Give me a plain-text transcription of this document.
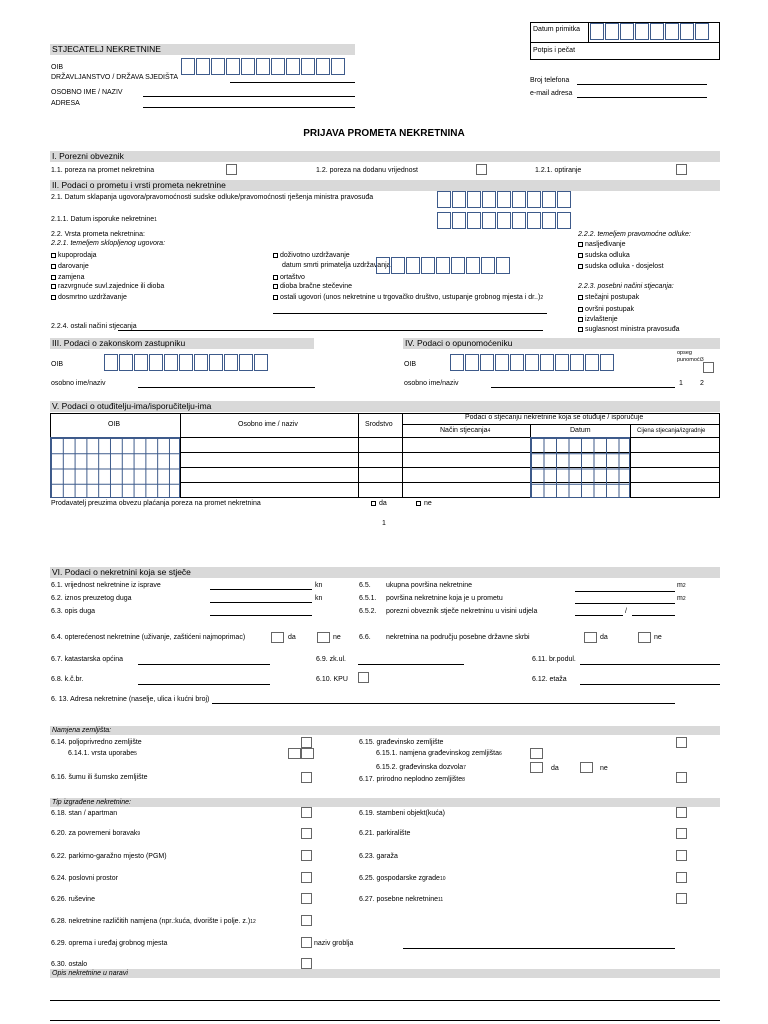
Datum primitka
Potpis i pečat
STJECATELJ NEKRETNINE
OIB
DRŽAVLJANSTVO / DRŽAVA SJEDIŠTA
OSOBNO IME / NAZIV
ADRESA
Broj telefona
e-mail adresa
PRIJAVA PROMETA NEKRETNINA
I. Porezni obveznik
1.1. poreza na promet nekretnina	1.2. poreza na dodanu vrijednost	1.2.1. optiranje
II. Podaci o prometu i vrsti prometa nekretnine
2.1. Datum sklapanja ugovora/pravomoćnosti sudske odluke/pravomoćnosti rješenja ministra pravosuđa
2.1.1. Datum isporuke nekretnine$^1$
2.2. Vrsta prometa nekretnina:
2.2.1. temeljem sklopljenog ugovora:
kupoprodaja
darovanje
zamjena
razvrgnuće suvl.zajednice ili dioba
dosmrtno uzdržavanje
doživotno uzdržavanje
datum smrti primatelja uzdržavanja
ortaštvo
dioba bračne stečevine
ostali ugovori (unos nekretnine u trgovačko društvo, ustupanje grobnog mjesta i dr..)$^2$
2.2.2. temeljem pravomoćne odluke:
nasljeđivanje
sudska odluka
sudska odluka - dosjelost
2.2.3. posebni načini stjecanja:
stečajni postupak
ovršni postupak
izvlaštenje
suglasnost ministra pravosuđa
2.2.4. ostali načini stjecanja
III. Podaci o zakonskom zastupniku	IV. Podaci o opunomoćeniku
OIB
osobno ime/naziv
OIB
opseg punomoći3
osobno ime/naziv	1 2
V. Podaci o otuđitelju-ima/isporučitelju-ima
OIB	Osobno ime / naziv	Srodstvo
Podaci o stjecanju nekretnine koja se otuđuje / isporučuje
Način stjecanja$^4$	Datum	Cijena stjecanja/izgradnje
Prodavatelj preuzima obvezu plaćanja poreza na promet nekretnina	da	ne
1
VI. Podaci o nekretnini koja se stječe
6.1. vrijednost nekretnine iz isprave	kn
6.2. iznos preuzetog duga	kn
6.3. opis duga
6.5. ukupna površina nekretnine	$m^2$
6.5.1. površina nekretnine koja je u prometu	$m^2$
6.5.2. porezni obveznik stječe nekretninu u visini udjela	/
6.4. opterećenost nekretnine (uživanje, zaštićeni najmoprimac)	da	ne	6.6. nekretnina na području posebne državne skrbi	da	ne
6.7. katastarska općina	6.9. zk.ul.	6.11. br.podul.
6.8. k.č.br.	6.10. KPU	6.12. etaža
6. 13. Adresa nekretnine (naselje, ulica i kućni broj)
Namjena zemljišta:
6.14. poljoprivredno zemljište
6.14.1. vrsta uporabe$^5$
6.16. šumu ili šumsko zemljište
6.15. građevinsko zemljište
6.15.1. namjena građevinskog zemljišta$^6$
6.15.2. građevinska dozvola$^7$	da	ne
6.17. prirodno neplodno zemljište$^8$
Tip izgrađene nekretnine:
6.18. stan / apartman	6.19. stambeni objekt(kuća)
6.20. za povremeni boravak$^9$	6.21. parkiralište
6.22. parkirno-garažno mjesto (PGM)	6.23. garaža
6.24. poslovni prostor	6.25. gospodarske zgrade$^{10}$
6.26. ruševine	6.27. posebne nekretnine$^{11}$
6.28. nekretnine različitih namjena (npr.:kuća, dvorište i polje. z.)$^{12}$
6.29. oprema i uređaj grobnog mjesta	naziv groblja
6.30. ostalo
Opis nekretnine u naravi
